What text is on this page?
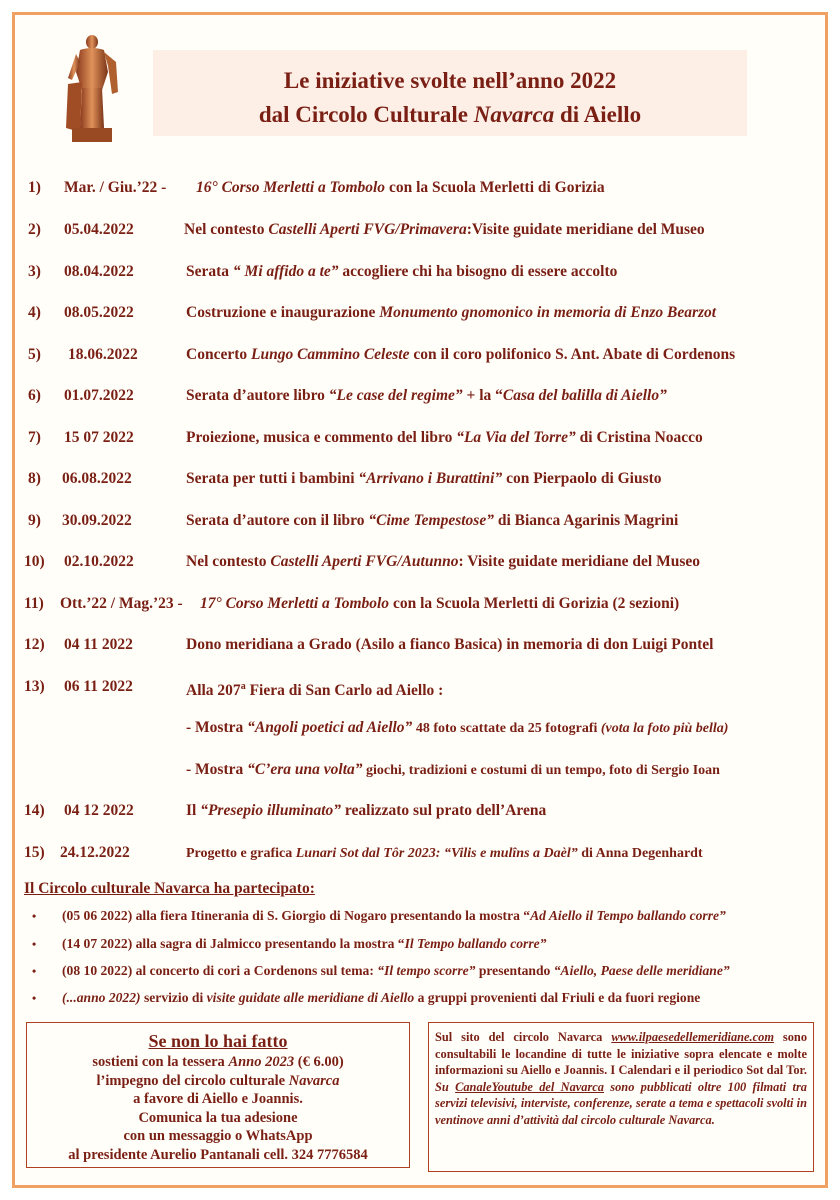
Le iniziative svolte nell’anno 2022
dal Circolo Culturale Navarca di Aiello
1) Mar. / Giu.’22 - 16° Corso Merletti a Tombolo con la Scuola Merletti di Gorizia
2) 05.04.2022	Nel contesto Castelli Aperti FVG/Primavera:Visite guidate meridiane del Museo
3) 08.04.2022	Serata “ Mi affido a te” accogliere chi ha bisogno di essere accolto
4) 08.05.2022	Costruzione e inaugurazione Monumento gnomonico in memoria di Enzo Bearzot
5) 18.06.2022	Concerto Lungo Cammino Celeste con il coro polifonico S. Ant. Abate di Cordenons
6) 01.07.2022	Serata d’autore libro “Le case del regime” + la “Casa del balilla di Aiello”
7) 15 07 2022	Proiezione, musica e commento del libro “La Via del Torre” di Cristina Noacco
8) 06.08.2022	Serata per tutti i bambini “Arrivano i Burattini” con Pierpaolo di Giusto
9) 30.09.2022	Serata d’autore con il libro “Cime Tempestose” di Bianca Agarinis Magrini
10) 02.10.2022	Nel contesto Castelli Aperti FVG/Autunno: Visite guidate meridiane del Museo
11) Ott.’22 / Mag.’23 - 17° Corso Merletti a Tombolo con la Scuola Merletti di Gorizia (2 sezioni)
12) 04 11 2022	Dono meridiana a Grado (Asilo a fianco Basica) in memoria di don Luigi Pontel
13) 06 11 2022	Alla 207$^a$ Fiera di San Carlo ad Aiello :
- Mostra “Angoli poetici ad Aiello” 48 foto scattate da 25 fotografi (vota la foto più bella)
- Mostra “C’era una volta” giochi, tradizioni e costumi di un tempo, foto di Sergio Ioan
14) 04 12 2022	Il “Presepio illuminato” realizzato sul prato dell’Arena
15) 24.12.2022	Progetto e grafica Lunari Sot dal Tôr 2023: “Vilis e mulîns a Daèl” di Anna Degenhardt
Il Circolo culturale Navarca ha partecipato:
• (05 06 2022) alla fiera Itinerania di S. Giorgio di Nogaro presentando la mostra “Ad Aiello il Tempo ballando corre”
• (14 07 2022) alla sagra di Jalmicco presentando la mostra “Il Tempo ballando corre”
• (08 10 2022) al concerto di cori a Cordenons sul tema: “Il tempo scorre” presentando “Aiello, Paese delle meridiane”
• (...anno 2022) servizio di visite guidate alle meridiane di Aiello a gruppi provenienti dal Friuli e da fuori regione
Se non lo hai fatto
sostieni con la tessera Anno 2023 (€ 6.00)
l’impegno del circolo culturale Navarca
a favore di Aiello e Joannis.
Comunica la tua adesione
con un messaggio o WhatsApp
al presidente Aurelio Pantanali cell. 324 7776584
Sul sito del circolo Navarca www.ilpaesedellemeridiane.com sono consultabili le locandine di tutte le iniziative sopra elencate e molte informazioni su Aiello e Joannis. I Calendari e il periodico Sot dal Tor. Su CanaleYoutube del Navarca sono pubblicati oltre 100 filmati tra servizi televisivi, interviste, conferenze, serate a tema e spettacoli svolti in ventinove anni d’attività dal circolo culturale Navarca.
